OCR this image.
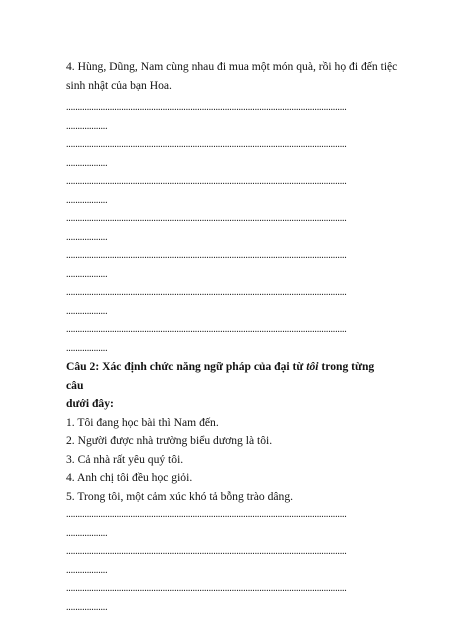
4. Hùng, Dũng, Nam cùng nhau đi mua một món quà, rồi họ đi đến tiệc
sinh nhật của bạn Hoa.
..........................................................................................................................
..................
..........................................................................................................................
..................
..........................................................................................................................
..................
..........................................................................................................................
..................
..........................................................................................................................
..................
..........................................................................................................................
..................
..........................................................................................................................
..................
Câu 2: Xác định chức năng ngữ pháp của đại từ tôi trong từng câu
dưới đây:
1. Tôi đang học bài thì Nam đến.
2. Người được nhà trường biểu dương là tôi.
3. Cả nhà rất yêu quý tôi.
4. Anh chị tôi đều học giỏi.
5. Trong tôi, một cảm xúc khó tả bỗng trào dâng.
..........................................................................................................................
..................
..........................................................................................................................
..................
..........................................................................................................................
..................
